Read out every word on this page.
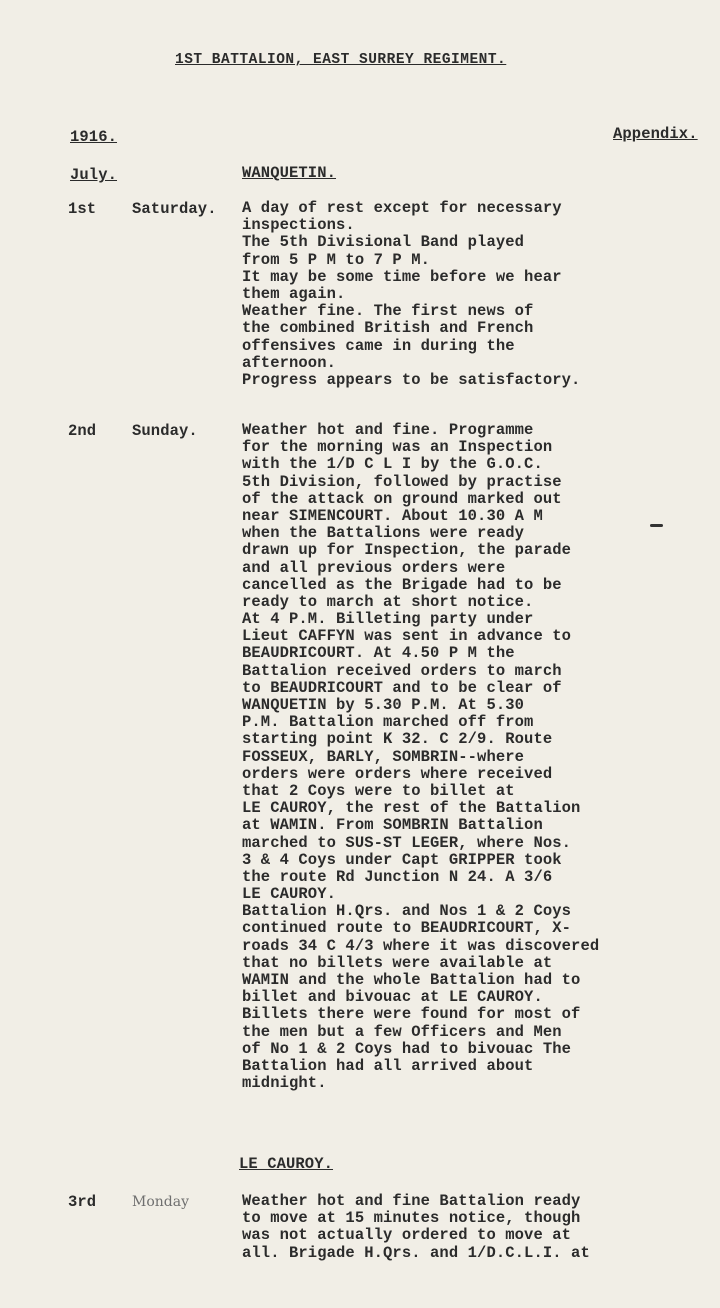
1ST BATTALION, EAST SURREY REGIMENT.
1916.	Appendix.
July.	WANQUETIN.
1st Saturday. A day of rest except for necessary
inspections.
The 5th Divisional Band played
from 5 P M to 7 P M.
It may be some time before we hear
them again.
Weather fine. The first news of
the combined British and French
offensives came in during the
afternoon.
Progress appears to be satisfactory.
2nd Sunday.	Weather hot and fine. Programme
for the morning was an Inspection
with the 1/D C L I by the G.O.C.
5th Division, followed by practise
of the attack on ground marked out
near SIMENCOURT. About 10.30 A M
when the Battalions were ready
drawn up for Inspection, the parade
and all previous orders were
cancelled as the Brigade had to be
ready to march at short notice.
At 4 P.M. Billeting party under
Lieut CAFFYN was sent in advance to
BEAUDRICOURT. At 4.50 P M the
Battalion received orders to march
to BEAUDRICOURT and to be clear of
WANQUETIN by 5.30 P.M. At 5.30
P.M. Battalion marched off from
starting point K 32. C 2/9. Route
FOSSEUX, BARLY, SOMBRIN--where
orders were orders where received
that 2 Coys were to billet at
LE CAUROY, the rest of the Battalion
at WAMIN. From SOMBRIN Battalion
marched to SUS-ST LEGER, where Nos.
3 & 4 Coys under Capt GRIPPER took
the route Rd Junction N 24. A 3/6
LE CAUROY.
Battalion H.Qrs. and Nos 1 & 2 Coys
continued route to BEAUDRICOURT, X-
roads 34 C 4/3 where it was discovered
that no billets were available at
WAMIN and the whole Battalion had to
billet and bivouac at LE CAUROY.
Billets there were found for most of
the men but a few Officers and Men
of No 1 & 2 Coys had to bivouac The
Battalion had all arrived about
midnight.
LE CAUROY.
3rd	Monday	Weather hot and fine Battalion ready
to move at 15 minutes notice, though
was not actually ordered to move at
all. Brigade H.Qrs. and 1/D.C.L.I. at
